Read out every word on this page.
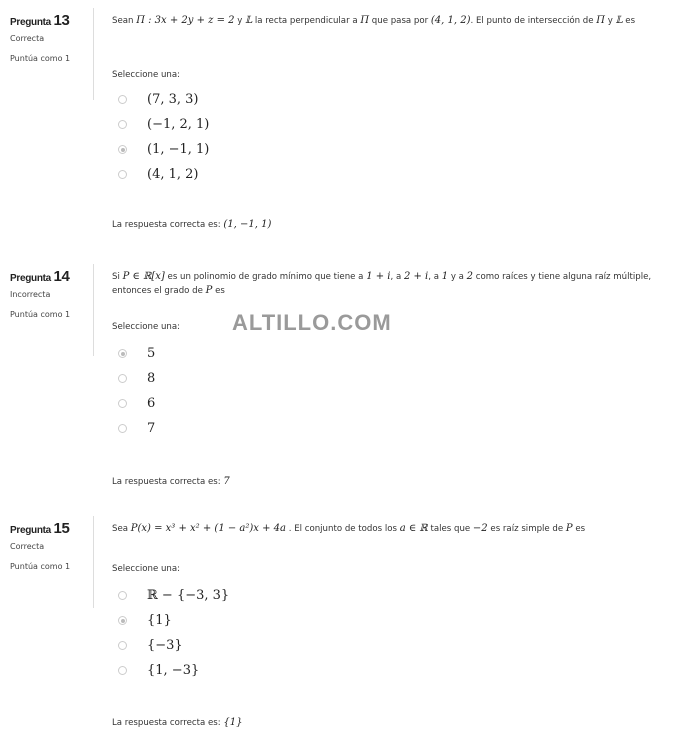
Pregunta 13
Correcta
Puntúa como 1
Sean Π : 3x + 2y + z = 2 y 𝕃 la recta perpendicular a Π que pasa por (4, 1, 2). El punto de intersección de Π y 𝕃 es
Seleccione una:
(7, 3, 3)
(−1, 2, 1)
(1, −1, 1)
(4, 1, 2)
La respuesta correcta es: (1, −1, 1)
Pregunta 14
Incorrecta
Puntúa como 1
Si P ∈ ℝ[x] es un polinomio de grado mínimo que tiene a 1 + i, a 2 + i, a 1 y a 2 como raíces y tiene alguna raíz múltiple, entonces el grado de P es
Seleccione una:
5
8
6
7
La respuesta correcta es: 7
Pregunta 15
Correcta
Puntúa como 1
Sea P(x) = x³ + x² + (1 − a²)x + 4a . El conjunto de todos los a ∈ ℝ tales que −2 es raíz simple de P es
Seleccione una:
ℝ − {−3, 3}
{1}
{−3}
{1, −3}
La respuesta correcta es: {1}
ALTILLO.COM
